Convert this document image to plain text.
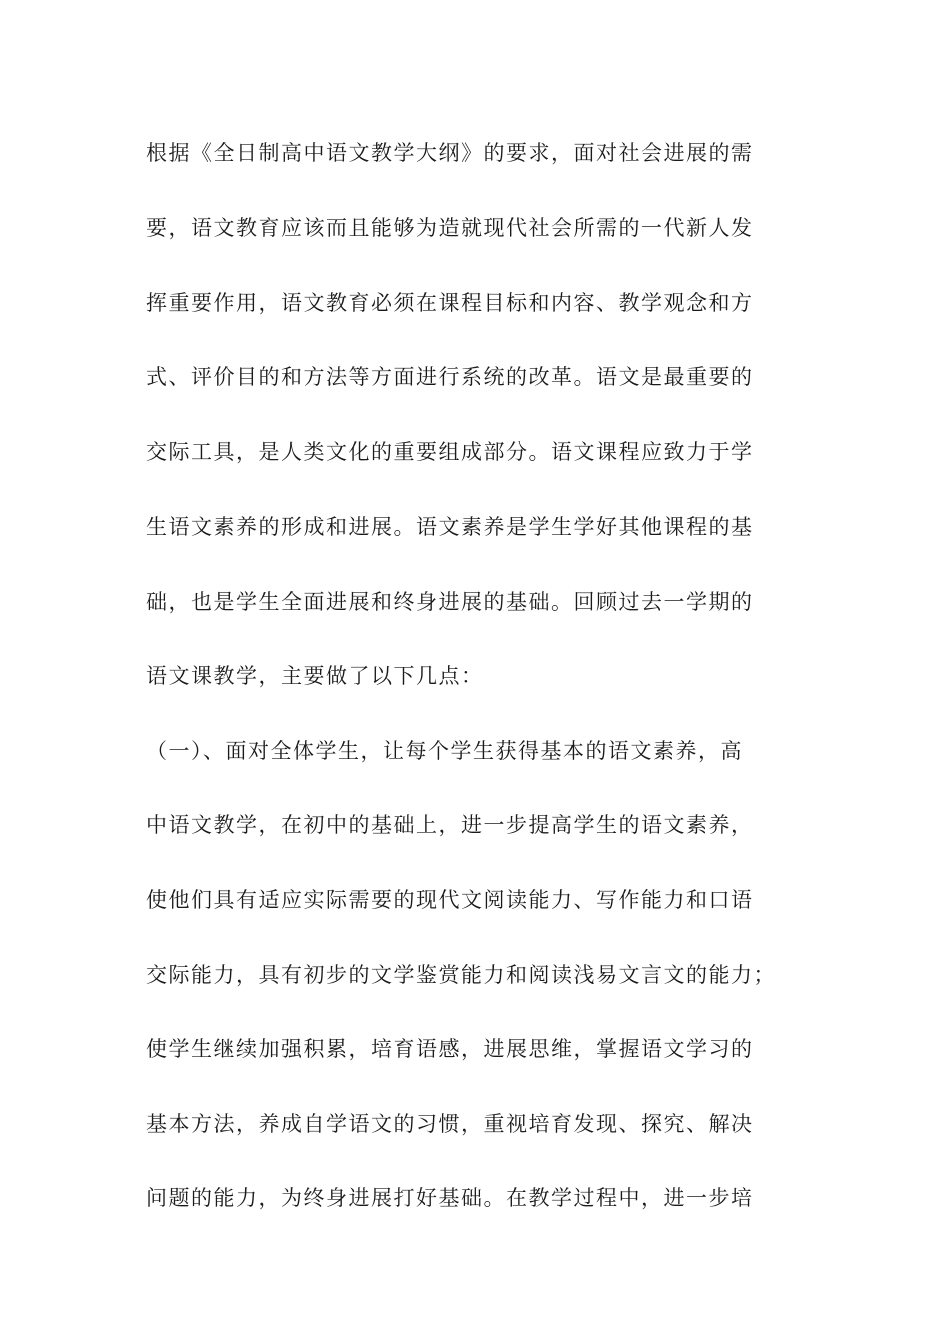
根据《全日制高中语文教学大纲》的要求，面对社会进展的需
要，语文教育应该而且能够为造就现代社会所需的一代新人发
挥重要作用，语文教育必须在课程目标和内容、教学观念和方
式、评价目的和方法等方面进行系统的改革。语文是最重要的
交际工具，是人类文化的重要组成部分。语文课程应致力于学
生语文素养的形成和进展。语文素养是学生学好其他课程的基
础，也是学生全面进展和终身进展的基础。回顾过去一学期的
语文课教学，主要做了以下几点：
（一）、面对全体学生，让每个学生获得基本的语文素养，高
中语文教学，在初中的基础上，进一步提高学生的语文素养，
使他们具有适应实际需要的现代文阅读能力、写作能力和口语
交际能力，具有初步的文学鉴赏能力和阅读浅易文言文的能力；
使学生继续加强积累，培育语感，进展思维，掌握语文学习的
基本方法，养成自学语文的习惯，重视培育发现、探究、解决
问题的能力，为终身进展打好基础。在教学过程中，进一步培
